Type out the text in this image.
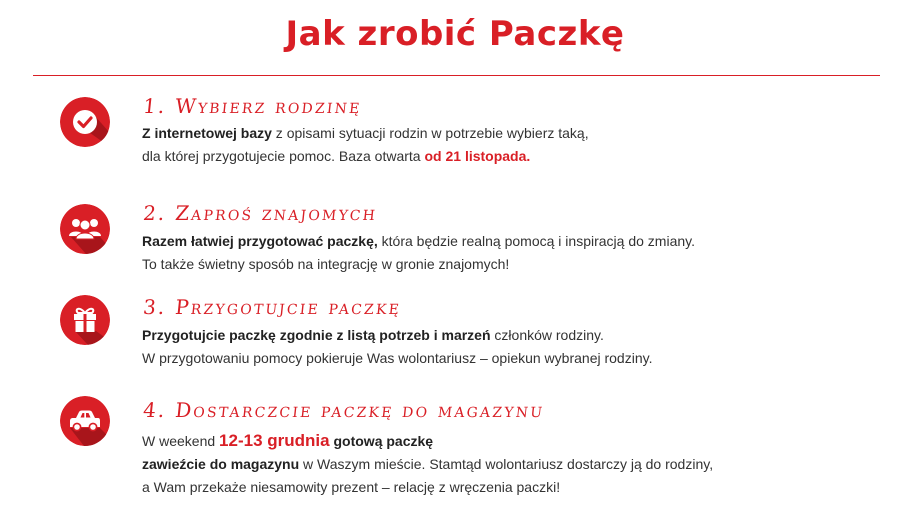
Jak zrobić Paczkę
1. Wybierz rodzinę
Z internetowej bazy z opisami sytuacji rodzin w potrzebie wybierz taką,
dla której przygotujecie pomoc. Baza otwarta od 21 listopada.
2. Zaproś znajomych
Razem łatwiej przygotować paczkę, która będzie realną pomocą i inspiracją do zmiany.
To także świetny sposób na integrację w gronie znajomych!
3. Przygotujcie paczkę
Przygotujcie paczkę zgodnie z listą potrzeb i marzeń członków rodziny.
W przygotowaniu pomocy pokieruje Was wolontariusz – opiekun wybranej rodziny.
4. Dostarczcie paczkę do magazynu
W weekend 12-13 grudnia gotową paczkę
zawieźcie do magazynu w Waszym mieście. Stamtąd wolontariusz dostarczy ją do rodziny,
a Wam przekaże niesamowity prezent – relację z wręczenia paczki!
